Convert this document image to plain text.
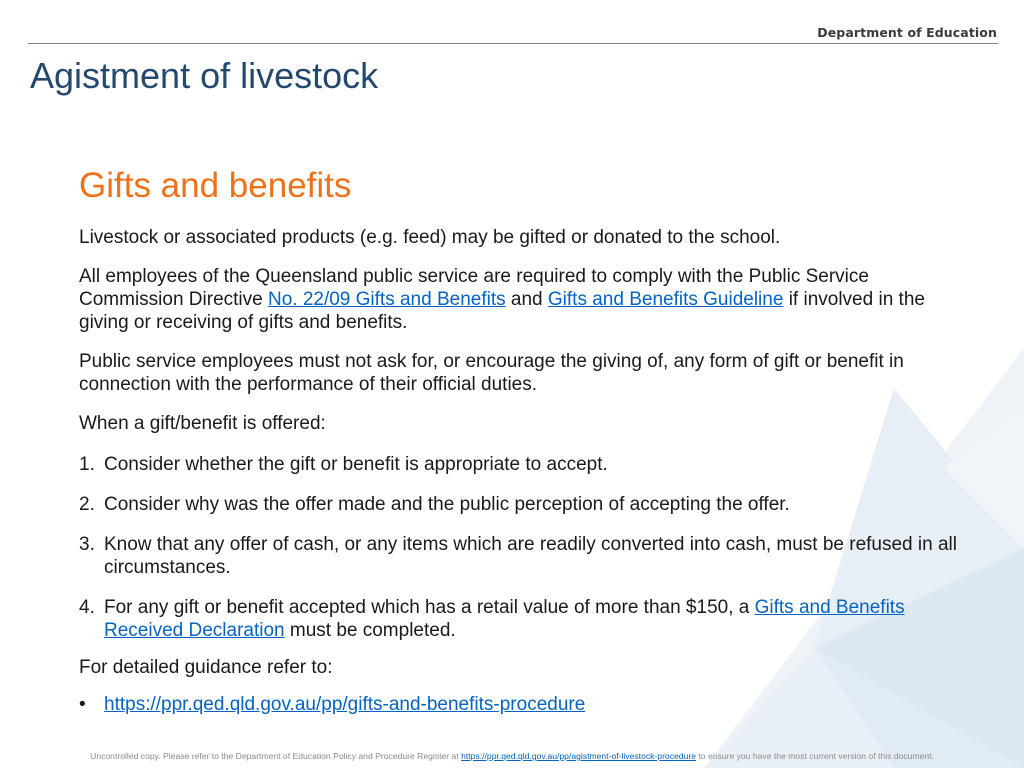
Department of Education
Agistment of livestock
Gifts and benefits

Livestock or associated products (e.g. feed) may be gifted or donated to the school.

All employees of the Queensland public service are required to comply with the Public Service Commission Directive No. 22/09 Gifts and Benefits and Gifts and Benefits Guideline if involved in the giving or receiving of gifts and benefits.

Public service employees must not ask for, or encourage the giving of, any form of gift or benefit in connection with the performance of their official duties.

When a gift/benefit is offered:

1. Consider whether the gift or benefit is appropriate to accept.
2. Consider why was the offer made and the public perception of accepting the offer.
3. Know that any offer of cash, or any items which are readily converted into cash, must be refused in all circumstances.
4. For any gift or benefit accepted which has a retail value of more than $150, a Gifts and Benefits Received Declaration must be completed.

For detailed guidance refer to:

• https://ppr.qed.qld.gov.au/pp/gifts-and-benefits-procedure
Uncontrolled copy. Please refer to the Department of Education Policy and Procedure Register at https://ppr.qed.qld.gov.au/pp/agistment-of-livestock-procedure to ensure you have the most current version of this document.
